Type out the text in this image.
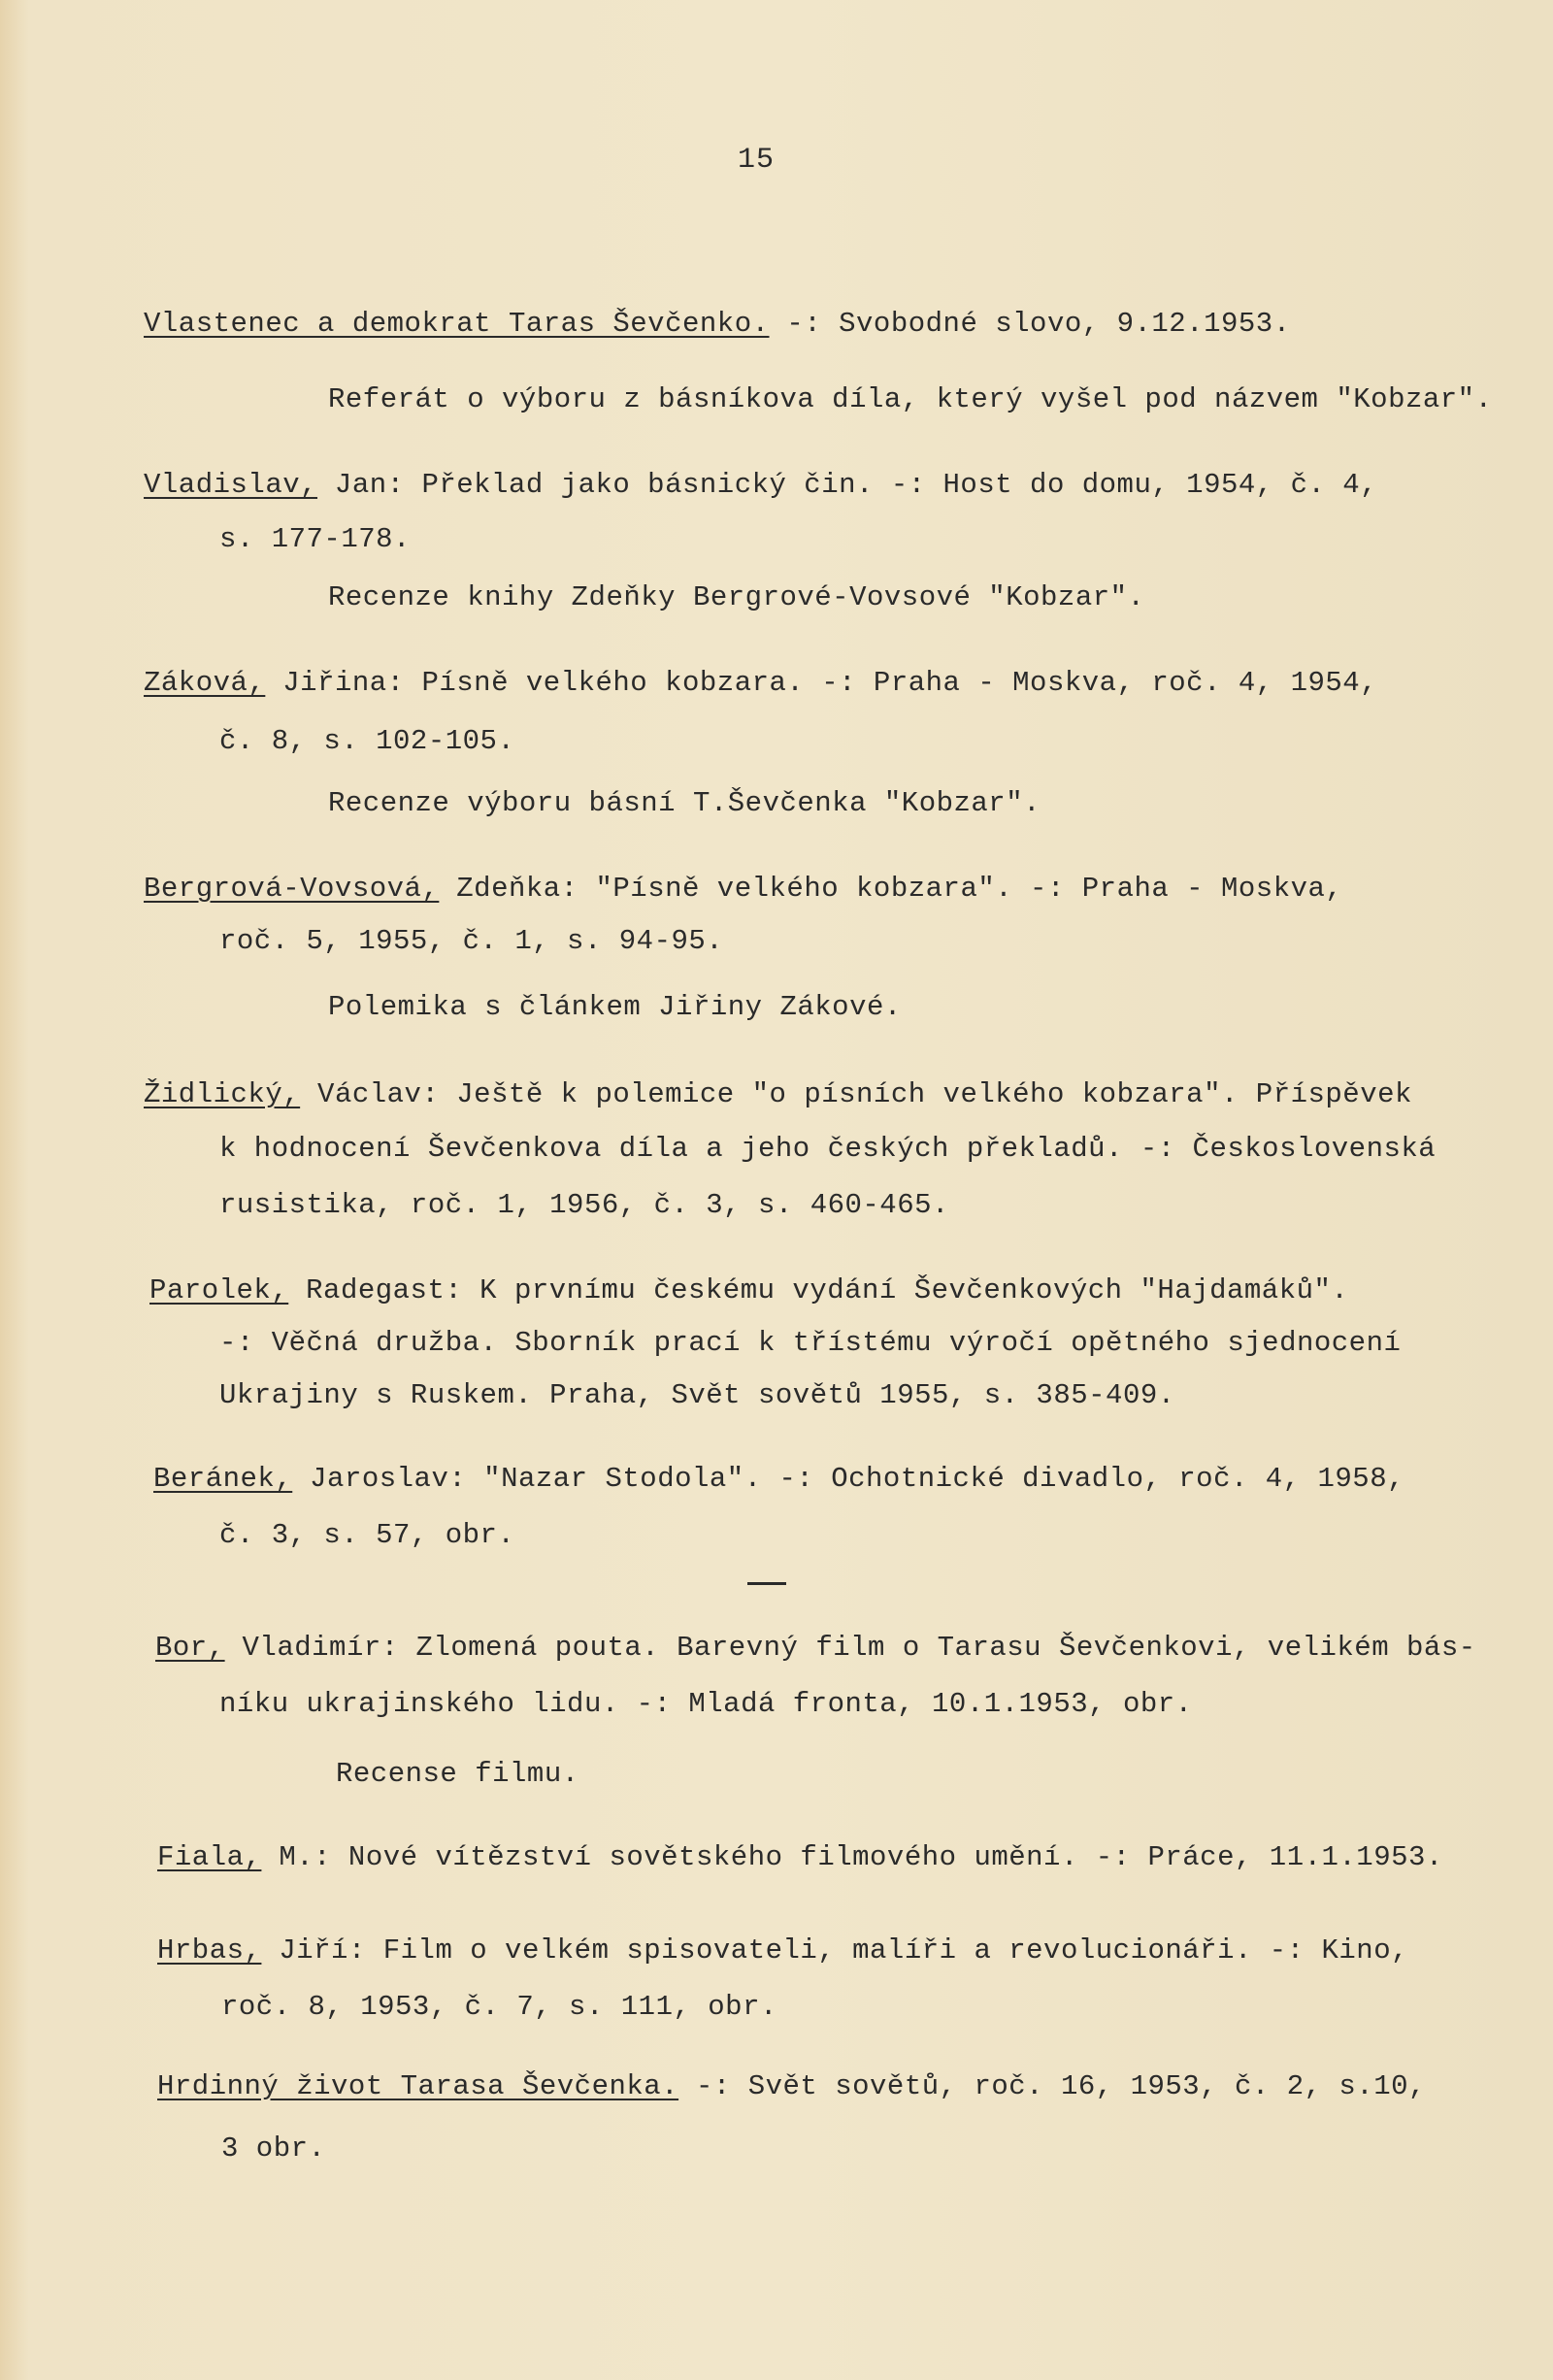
15
Vlastenec a demokrat Taras Ševčenko. -: Svobodné slovo, 9.12.1953.
Referát o výboru z básníkova díla, který vyšel pod názvem "Kobzar".
Vladislav, Jan: Překlad jako básnický čin. -: Host do domu, 1954, č. 4,
s. 177-178.
Recenze knihy Zdeňky Bergrové-Vovsové "Kobzar".
Záková, Jiřina: Písně velkého kobzara. -: Praha - Moskva, roč. 4, 1954,
č. 8, s. 102-105.
Recenze výboru básní T.Ševčenka "Kobzar".
Bergrová-Vovsová, Zdeňka: "Písně velkého kobzara". -: Praha - Moskva,
roč. 5, 1955, č. 1, s. 94-95.
Polemika s článkem Jiřiny Zákové.
Židlický, Václav: Ještě k polemice "o písních velkého kobzara". Příspěvek
k hodnocení Ševčenkova díla a jeho českých překladů. -: Československá
rusistika, roč. 1, 1956, č. 3, s. 460-465.
Parolek, Radegast: K prvnímu českému vydání Ševčenkových "Hajdamáků".
-: Věčná družba. Sborník prací k třístému výročí opětného sjednocení
Ukrajiny s Ruskem. Praha, Svět sovětů 1955, s. 385-409.
Beránek, Jaroslav: "Nazar Stodola". -: Ochotnické divadlo, roč. 4, 1958,
č. 3, s. 57, obr.
Bor, Vladimír: Zlomená pouta. Barevný film o Tarasu Ševčenkovi, velikém bás-
níku ukrajinského lidu. -: Mladá fronta, 10.1.1953, obr.
Recense filmu.
Fiala, M.: Nové vítězství sovětského filmového umění. -: Práce, 11.1.1953.
Hrbas, Jiří: Film o velkém spisovateli, malíři a revolucionáři. -: Kino,
roč. 8, 1953, č. 7, s. 111, obr.
Hrdinný život Tarasa Ševčenka. -: Svět sovětů, roč. 16, 1953, č. 2, s.10,
3 obr.
